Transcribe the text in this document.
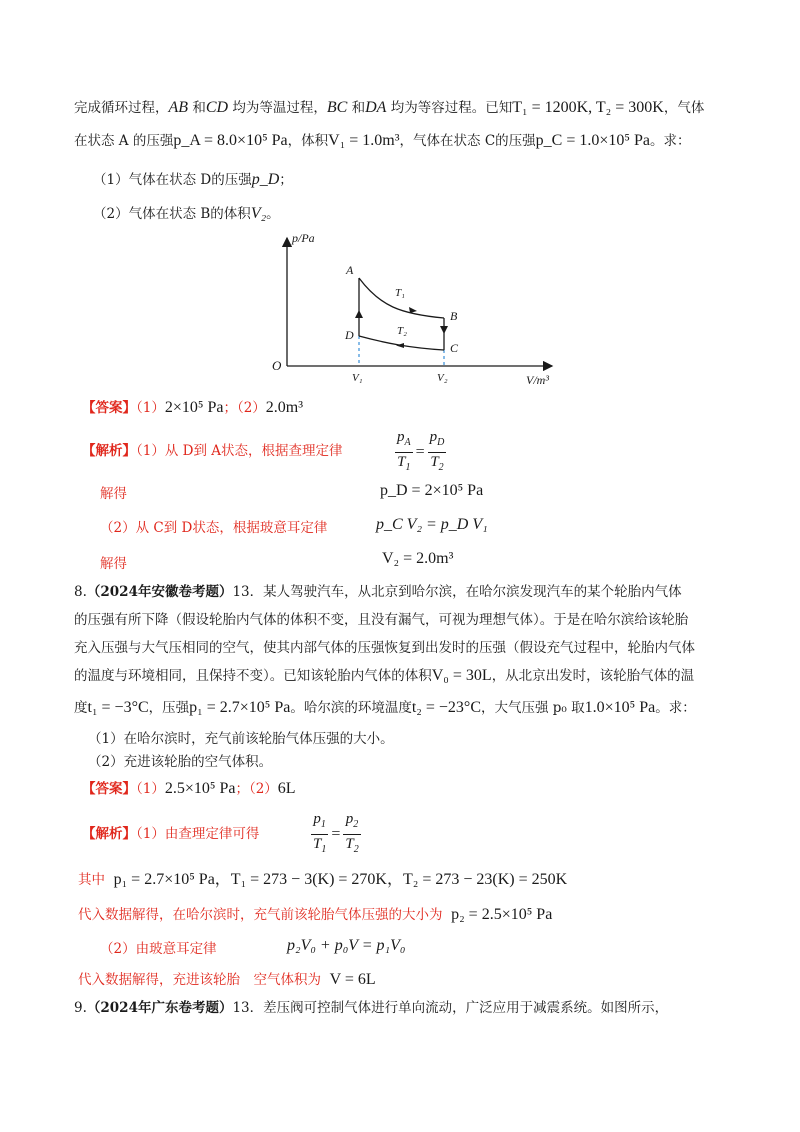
完成循环过程，AB 和CD 均为等温过程，BC 和DA 均为等容过程。已知T₁ = 1200K, T₂ = 300K，气体
在状态 A 的压强p_A = 8.0×10⁵ Pa，体积V₁ = 1.0m³，气体在状态 C的压强p_C = 1.0×10⁵ Pa。求：
（1）气体在状态 D的压强p_D；
（2）气体在状态 B的体积V₂。
p/Pa
V/m³
O
A
B
C
D
T₁
T₂
V₁	V₂
【答案】（1）2×10⁵ Pa；（2）2.0m³
【解析】（1）从 D到 A状态，根据查理定律	$\frac{p_A}{T_1} = \frac{p_D}{T_2}$
解得	p_D = 2×10⁵ Pa
（2）从 C到 D状态，根据玻意耳定律	p_C V₂ = p_D V₁
解得	V₂ = 2.0m³
8.（2024年安徽卷考题）13．某人驾驶汽车，从北京到哈尔滨，在哈尔滨发现汽车的某个轮胎内气体
的压强有所下降（假设轮胎内气体的体积不变，且没有漏气，可视为理想气体）。于是在哈尔滨给该轮胎
充入压强与大气压相同的空气，使其内部气体的压强恢复到出发时的压强（假设充气过程中，轮胎内气体
的温度与环境相同，且保持不变）。已知该轮胎内气体的体积V₀ = 30L，从北京出发时，该轮胎气体的温
度t₁ = −3°C，压强p₁ = 2.7×10⁵ Pa。哈尔滨的环境温度t₂ = −23°C，大气压强 p₀ 取1.0×10⁵ Pa。求：
（1）在哈尔滨时，充气前该轮胎气体压强的大小。
（2）充进该轮胎的空气体积。
【答案】（1）2.5×10⁵ Pa；（2）6L
【解析】（1）由查理定律可得	$\frac{p_1}{T_1} = \frac{p_2}{T_2}$
其中 p₁ = 2.7×10⁵ Pa，T₁ = 273 − 3(K) = 270K，T₂ = 273 − 23(K) = 250K
代入数据解得，在哈尔滨时，充气前该轮胎气体压强的大小为 p₂ = 2.5×10⁵ Pa
（2）由玻意耳定律	p₂V₀ + p₀V = p₁V₀
代入数据解得，充进该轮胎　空气体积为 V = 6L
9.（2024年广东卷考题）13．差压阀可控制气体进行单向流动，广泛应用于减震系统。如图所示，
